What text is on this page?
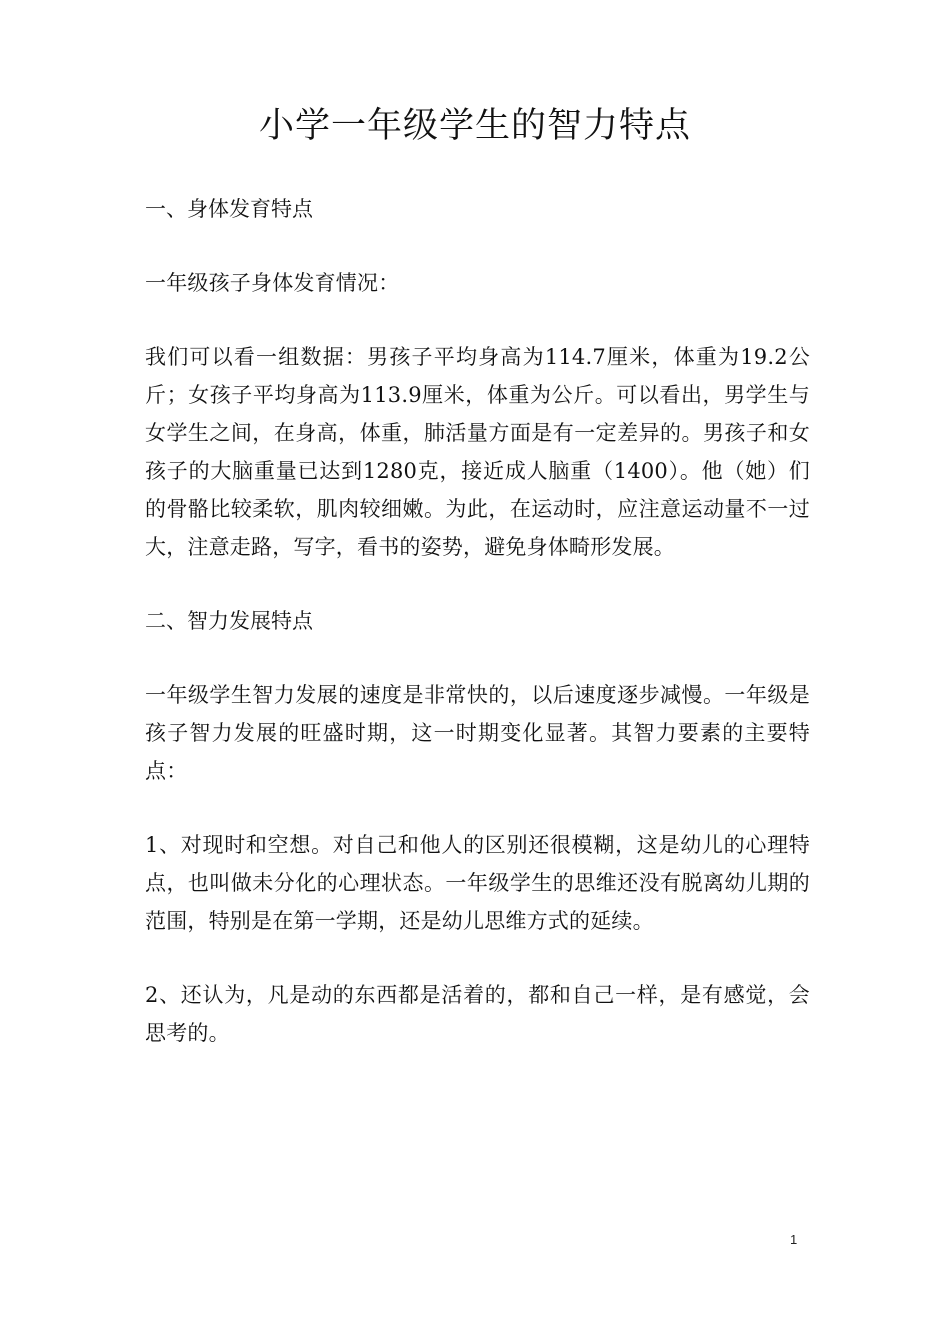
小学一年级学生的智力特点

一、身体发育特点

一年级孩子身体发育情况：

我们可以看一组数据：男孩子平均身高为114.7厘米，体重为19.2公斤；女孩子平均身高为113.9厘米，体重为公斤。可以看出，男学生与女学生之间，在身高，体重，肺活量方面是有一定差异的。男孩子和女孩子的大脑重量已达到1280克，接近成人脑重（1400）。他（她）们的骨骼比较柔软，肌肉较细嫩。为此，在运动时，应注意运动量不一过大，注意走路，写字，看书的姿势，避免身体畸形发展。

二、智力发展特点

一年级学生智力发展的速度是非常快的，以后速度逐步减慢。一年级是孩子智力发展的旺盛时期，这一时期变化显著。其智力要素的主要特点：

1、对现时和空想。对自己和他人的区别还很模糊，这是幼儿的心理特点，也叫做未分化的心理状态。一年级学生的思维还没有脱离幼儿期的范围，特别是在第一学期，还是幼儿思维方式的延续。

2、还认为，凡是动的东西都是活着的，都和自己一样，是有感觉，会思考的。

1
